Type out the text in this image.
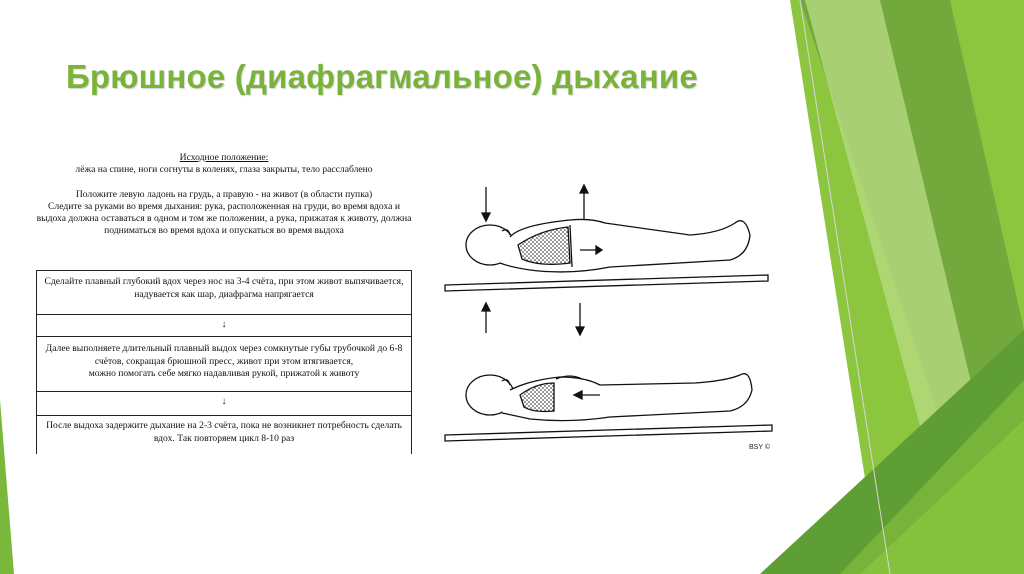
Брюшное (диафрагмальное) дыхание
Исходное положение:
лёжа на спине, ноги согнуты в коленях, глаза закрыты, тело расслаблено
Положите левую ладонь на грудь, а правую - на живот (в области пупка)
Следите за руками во время дыхания: рука, расположенная на груди, во время вдоха и
выдоха должна оставаться в одном и том же положении, а рука, прижатая к животу, должна
подниматься во время вдоха и опускаться во время выдоха
Сделайте плавный глубокий вдох через нос на 3-4 счёта, при этом живот выпячивается,
надувается как шар, диафрагма напрягается
↓
Далее выполняете длительный плавный выдох через сомкнутые губы трубочкой до 6-8
счётов, сокращая брюшной пресс, живот при этом втягивается,
можно помогать себе мягко надавливая рукой, прижатой к животу
↓
После выдоха задержите дыхание на 2-3 счёта, пока не возникнет потребность сделать
вдох. Так повторяем цикл 8-10 раз
BSY ©
